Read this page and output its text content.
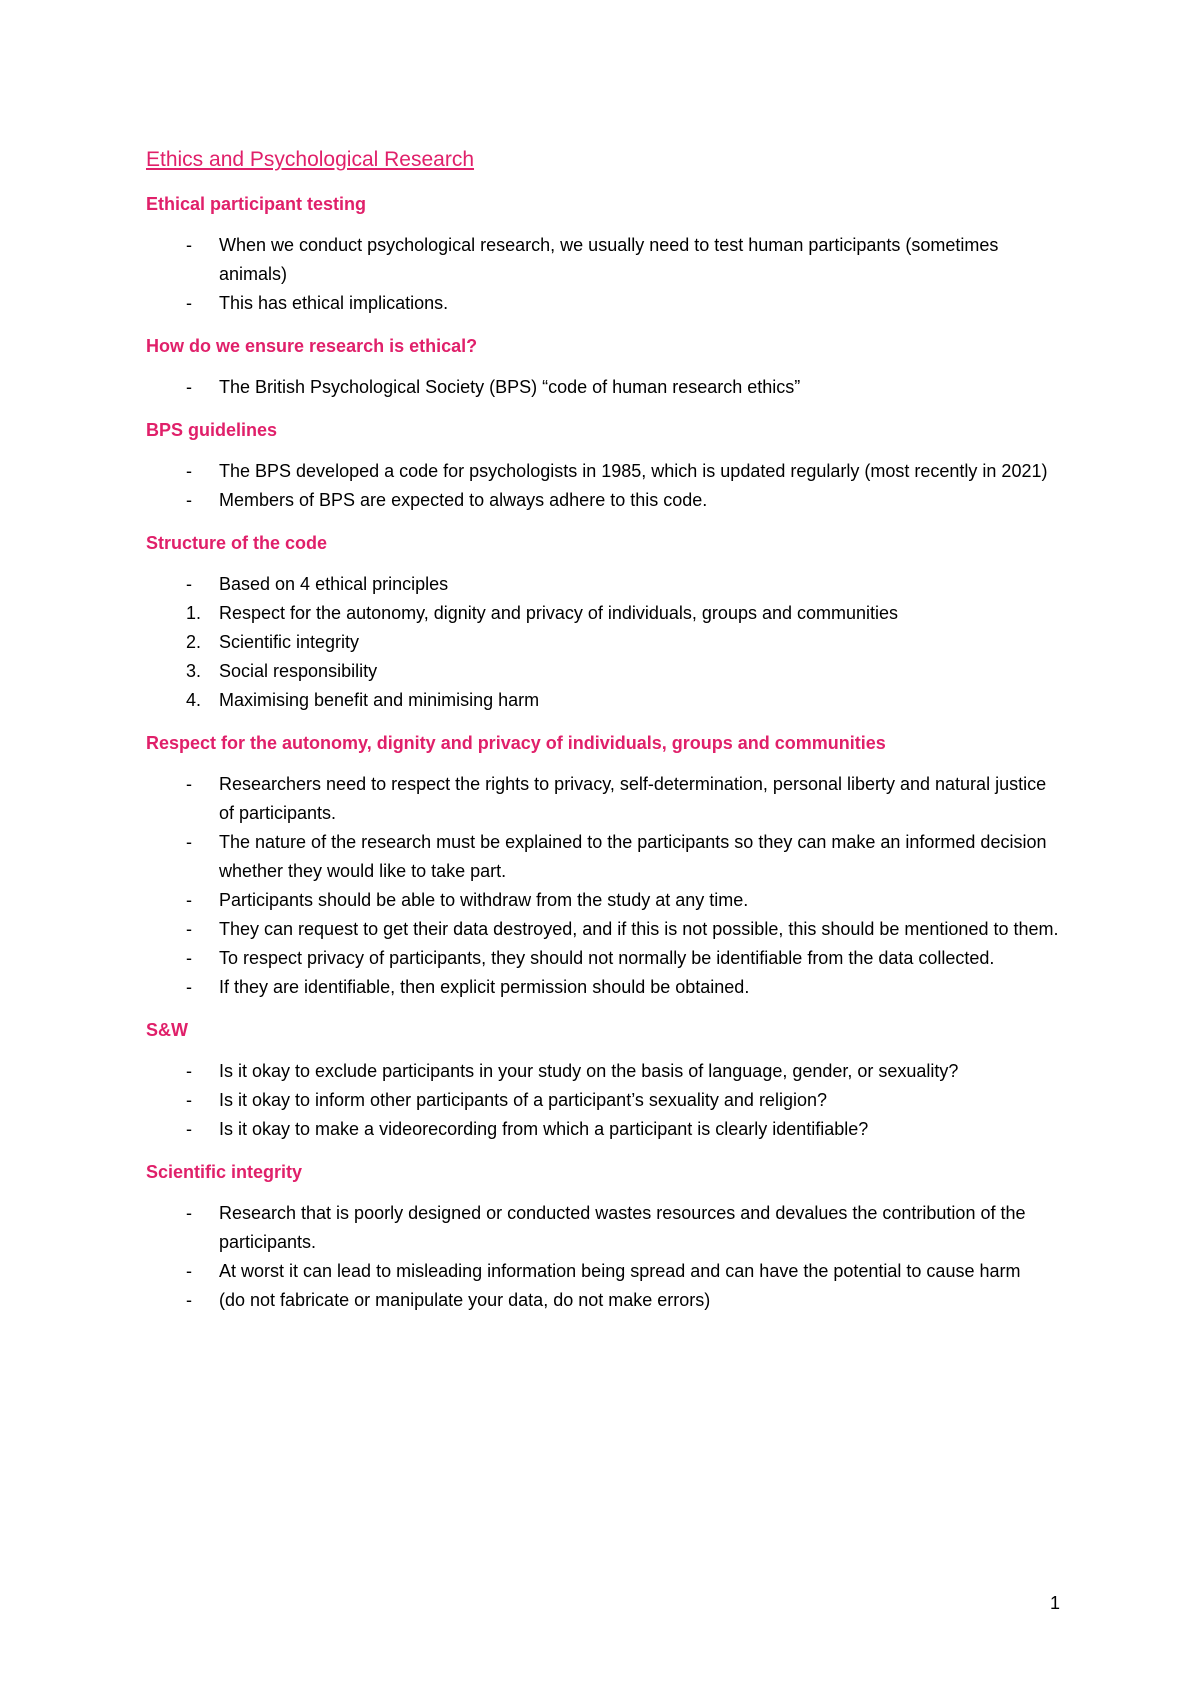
Ethics and Psychological Research
Ethical participant testing
-	When we conduct psychological research, we usually need to test human participants (sometimes animals)
-	This has ethical implications.
How do we ensure research is ethical?
-	The British Psychological Society (BPS) “code of human research ethics”
BPS guidelines
-	The BPS developed a code for psychologists in 1985, which is updated regularly (most recently in 2021)
-	Members of BPS are expected to always adhere to this code.
Structure of the code
-	Based on 4 ethical principles
1. Respect for the autonomy, dignity and privacy of individuals, groups and communities
2. Scientific integrity
3. Social responsibility
4. Maximising benefit and minimising harm
Respect for the autonomy, dignity and privacy of individuals, groups and communities
-	Researchers need to respect the rights to privacy, self-determination, personal liberty and natural justice of participants.
-	The nature of the research must be explained to the participants so they can make an informed decision whether they would like to take part.
-	Participants should be able to withdraw from the study at any time.
-	They can request to get their data destroyed, and if this is not possible, this should be mentioned to them.
-	To respect privacy of participants, they should not normally be identifiable from the data collected.
-	If they are identifiable, then explicit permission should be obtained.
S&W
-	Is it okay to exclude participants in your study on the basis of language, gender, or sexuality?
-	Is it okay to inform other participants of a participant’s sexuality and religion?
-	Is it okay to make a videorecording from which a participant is clearly identifiable?
Scientific integrity
-	Research that is poorly designed or conducted wastes resources and devalues the contribution of the participants.
-	At worst it can lead to misleading information being spread and can have the potential to cause harm
-	(do not fabricate or manipulate your data, do not make errors)
1
